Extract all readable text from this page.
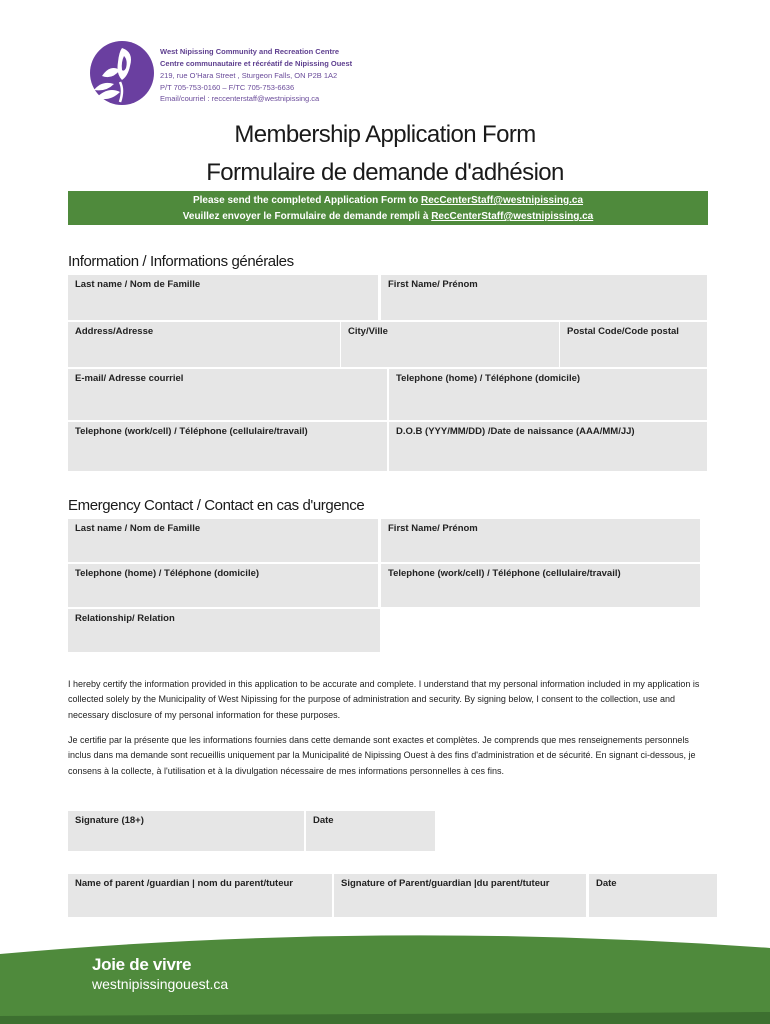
West Nipissing Community and Recreation Centre
Centre communautaire et récréatif de Nipissing Ouest
219, rue O’Hara Street , Sturgeon Falls, ON P2B 1A2
P/T 705-753-0160 – F/TC 705-753-6636
Email/courriel : reccenterstaff@westnipissing.ca
Membership Application Form
Formulaire de demande d'adhésion
Please send the completed Application Form to RecCenterStaff@westnipissing.ca
Veuillez envoyer le Formulaire de demande rempli à RecCenterStaff@westnipissing.ca
Information / Informations générales
Last name / Nom de Famille	First Name/ Prénom
Address/Adresse	City/Ville	Postal Code/Code postal
E-mail/ Adresse courriel	Telephone (home) / Téléphone (domicile)
Telephone (work/cell) / Téléphone (cellulaire/travail)	D.O.B (YYY/MM/DD) /Date de naissance (AAA/MM/JJ)
Emergency Contact / Contact en cas d'urgence
Last name / Nom de Famille	First Name/ Prénom
Telephone (home) / Téléphone (domicile)	Telephone (work/cell) / Téléphone (cellulaire/travail)
Relationship/ Relation
I hereby certify the information provided in this application to be accurate and complete. I understand that my personal information included in my application is collected solely by the Municipality of West Nipissing for the purpose of administration and security. By signing below, I consent to the collection, use and necessary disclosure of my personal information for these purposes.
Je certifie par la présente que les informations fournies dans cette demande sont exactes et complètes. Je comprends que mes renseignements personnels inclus dans ma demande sont recueillis uniquement par la Municipalité de Nipissing Ouest à des fins d'administration et de sécurité. En signant ci-dessous, je consens à la collecte, à l'utilisation et à la divulgation nécessaire de mes informations personnelles à ces fins.
Signature (18+)	Date
Name of parent /guardian | nom du parent/tuteur	Signature of Parent/guardian |du parent/tuteur	Date
Joie de vivre
westnipissingouest.ca
